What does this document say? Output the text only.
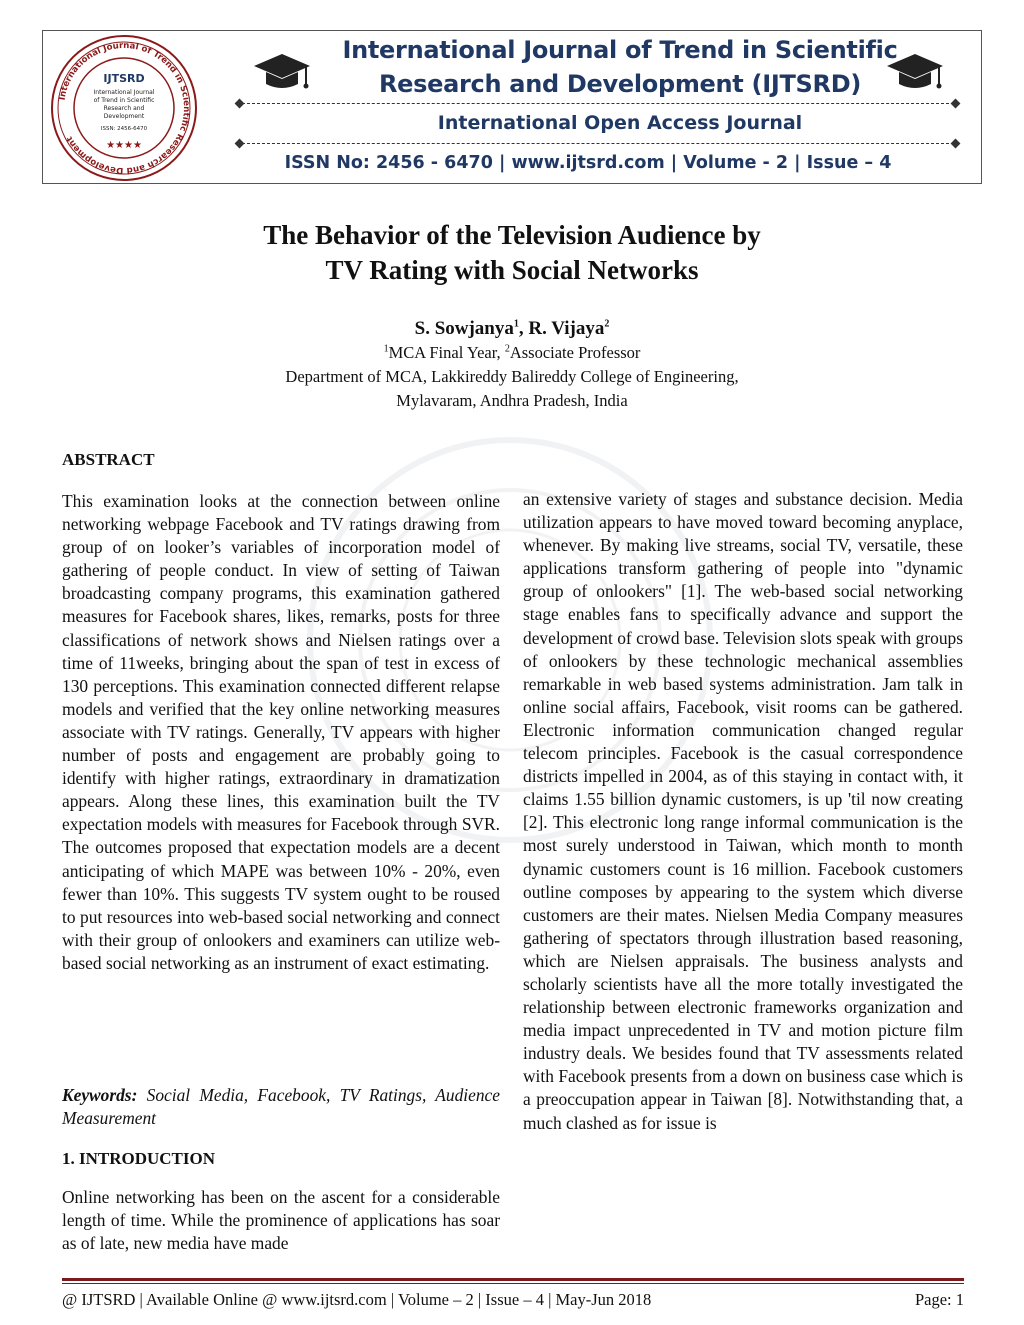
International Journal of Trend in Scientific Research and Development
IJTSRD
International Journal
of Trend in Scientific
Research and
Development
ISSN: 2456-6470
★★★★
International Journal of Trend in Scientific
Research and Development (IJTSRD)
International Open Access Journal
ISSN No: 2456 - 6470 | www.ijtsrd.com | Volume - 2 | Issue – 4
The Behavior of the Television Audience by
TV Rating with Social Networks
S. Sowjanya$^1$, R. Vijaya$^2$
$^1$MCA Final Year, $^2$Associate Professor
Department of MCA, Lakkireddy Balireddy College of Engineering,
Mylavaram, Andhra Pradesh, India
ABSTRACT

This examination looks at the connection between online networking webpage Facebook and TV ratings drawing from group of on looker’s variables of incorporation model of gathering of people conduct. In view of setting of Taiwan broadcasting company programs, this examination gathered measures for Facebook shares, likes, remarks, posts for three classifications of network shows and Nielsen ratings over a time of 11weeks, bringing about the span of test in excess of 130 perceptions. This examination connected different relapse models and verified that the key online networking measures associate with TV ratings. Generally, TV appears with higher number of posts and engagement are probably going to identify with higher ratings, extraordinary in dramatization appears. Along these lines, this examination built the TV expectation models with measures for Facebook through SVR. The outcomes proposed that expectation models are a decent anticipating of which MAPE was between 10% - 20%, even fewer than 10%. This suggests TV system ought to be roused to put resources into web-based social networking and connect with their group of onlookers and examiners can utilize web-based social networking as an instrument of exact estimating.

Keywords: Social Media, Facebook, TV Ratings, Audience Measurement
1. INTRODUCTION

Online networking has been on the ascent for a considerable length of time. While the prominence of applications has soar as of late, new media have made

an extensive variety of stages and substance decision. Media utilization appears to have moved toward becoming anyplace, whenever. By making live streams, social TV, versatile, these applications transform gathering of people into "dynamic group of onlookers" [1]. The web-based social networking stage enables fans to specifically advance and support the development of crowd base. Television slots speak with groups of onlookers by these technologic mechanical assemblies remarkable in web based systems administration. Jam talk in online social affairs, Facebook, visit rooms can be gathered. Electronic information communication changed regular telecom principles. Facebook is the casual correspondence districts impelled in 2004, as of this staying in contact with, it claims 1.55 billion dynamic customers, is up 'til now creating [2]. This electronic long range informal communication is the most surely understood in Taiwan, which month to month dynamic customers count is 16 million. Facebook customers outline composes by appearing to the system which diverse customers are their mates. Nielsen Media Company measures gathering of spectators through illustration based reasoning, which are Nielsen appraisals. The business analysts and scholarly scientists have all the more totally investigated the relationship between electronic frameworks organization and media impact unprecedented in TV and motion picture film industry deals. We besides found that TV assessments related with Facebook presents from a down on business case which is a preoccupation appear in Taiwan [8]. Notwithstanding that, a much clashed as for issue is

@ IJTSRD | Available Online @ www.ijtsrd.com | Volume – 2 | Issue – 4 | May-Jun 2018	Page: 1
